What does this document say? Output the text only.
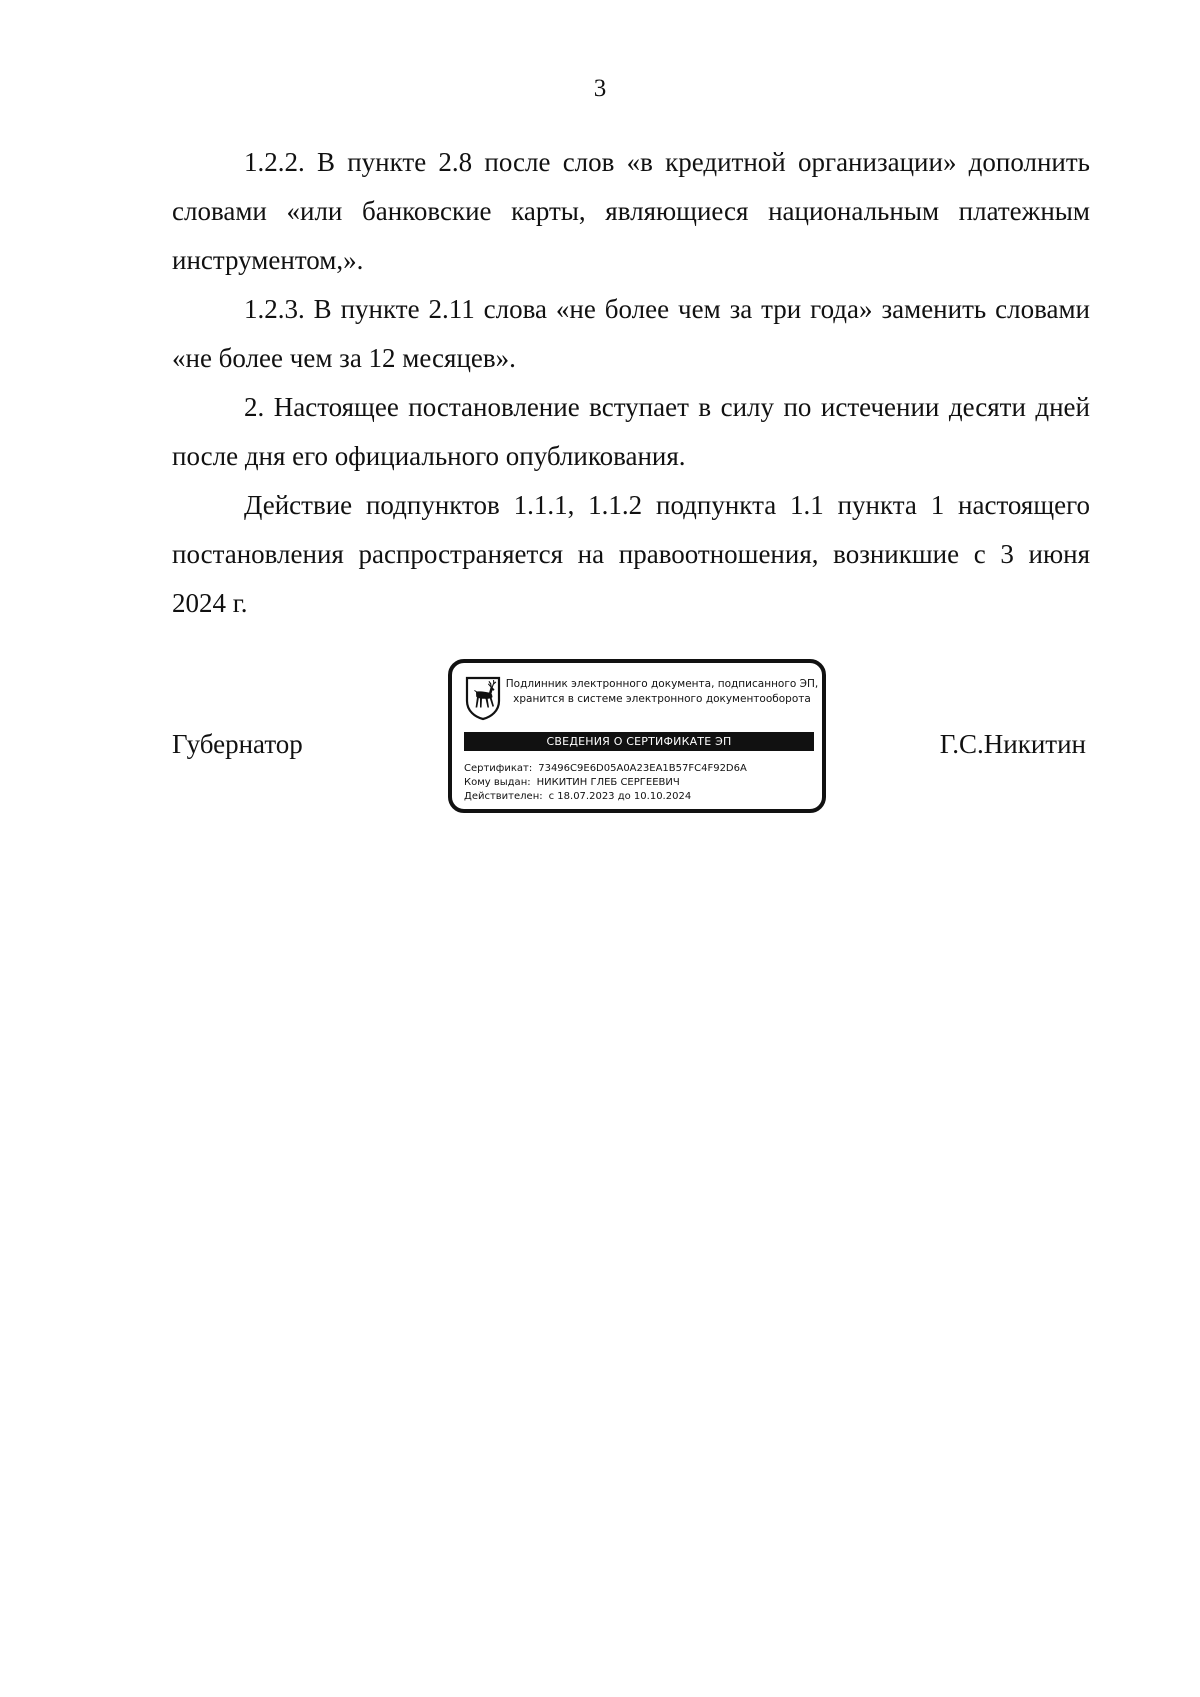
3

1.2.2. В пункте 2.8 после слов «в кредитной организации» дополнить словами «или банковские карты, являющиеся национальным платежным инструментом,».

1.2.3. В пункте 2.11 слова «не более чем за три года» заменить словами «не более чем за 12 месяцев».

2. Настоящее постановление вступает в силу по истечении десяти дней после дня его официального опубликования.

Действие подпунктов 1.1.1, 1.1.2 подпункта 1.1 пункта 1 настоящего постановления распространяется на правоотношения, возникшие с 3 июня 2024 г.

Губернатор
Подлинник электронного документа, подписанного ЭП,
хранится в системе электронного документооборота
СВЕДЕНИЯ О СЕРТИФИКАТЕ ЭП
Сертификат: 73496C9E6D05A0A23EA1B57FC4F92D6A
Кому выдан: НИКИТИН ГЛЕБ СЕРГЕЕВИЧ
Действителен: с 18.07.2023 до 10.10.2024
Г.С.Никитин
